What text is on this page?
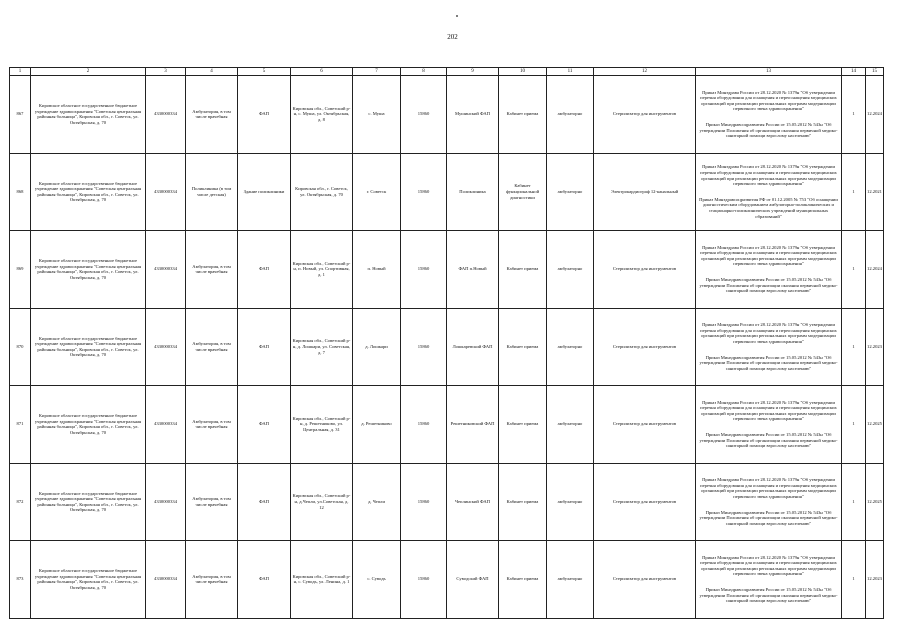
202
1	2	3	4	5	6	7	8	9	10	11	12	13	14	15
867	Кировское областное государственное бюджетное учреждение здравоохранения "Советская центральная районная больница", Кировская обл., г. Советск, ул. Октябрьская, д. 70	4330000334	Амбулатория, в том числе врачебная	ФАП	Кировская обл., Советский р-н, с. Муша, ул. Октябрьская, д. 8	с. Муша	15860	Мушинский ФАП	Кабинет приема	амбулаторно	Стерилизатор для инструментов	Приказ Минздрава России от 28.12.2020 № 1379н "Об утверждении перечня оборудования для оснащения и переоснащения медицинских организаций при реализации региональных программ модернизации первичного звена здравоохранения"
Приказ Минздравсоцразвития России от 15.05.2012 № 543н "Об утверждении Положения об организации оказания первичной медико-санитарной помощи взрослому населению"	1	12.2024
868	Кировское областное государственное бюджетное учреждение здравоохранения "Советская центральная районная больница", Кировская обл., г. Советск, ул. Октябрьская, д. 70	4330000334	Поликлиника (в том числе детская)	Здание поликлиники	Кировская обл., г. Советск, ул. Октябрьская, д. 70	г. Советск	15860	Поликлиника	Кабинет функциональной диагностики	амбулаторно	Электрокардиограф 12-канальный	Приказ Минздрава России от 28.12.2020 № 1379н "Об утверждении перечня оборудования для оснащения и переоснащения медицинских организаций при реализации региональных программ модернизации первичного звена здравоохранения"
Приказ Минздравсоцразвития РФ от 01.12.2005 № 753 "Об оснащении диагностическим оборудованием амбулаторно-поликлинических и стационарно-поликлинических учреждений муниципальных образований"	1	12.2021
869	Кировское областное государственное бюджетное учреждение здравоохранения "Советская центральная районная больница", Кировская обл., г. Советск, ул. Октябрьская, д. 70	4330000334	Амбулатория, в том числе врачебная	ФАП	Кировская обл., Советский р-н, п. Новый, ул. Спортивная, д. 1	п. Новый	15860	ФАП п.Новый	Кабинет приема	амбулаторно	Стерилизатор для инструментов	Приказ Минздрава России от 28.12.2020 № 1379н "Об утверждении перечня оборудования для оснащения и переоснащения медицинских организаций при реализации региональных программ модернизации первичного звена здравоохранения"
Приказ Минздравсоцразвития России от 15.05.2012 № 543н "Об утверждении Положения об организации оказания первичной медико-санитарной помощи взрослому населению"	1	12.2024
870	Кировское областное государственное бюджетное учреждение здравоохранения "Советская центральная районная больница", Кировская обл., г. Советск, ул. Октябрьская, д. 70	4330000334	Амбулатория, в том числе врачебная	ФАП	Кировская обл., Советский р-н, д. Лошкари, ул. Советская, д. 7	д. Лошкари	15860	Лошкаревский ФАП	Кабинет приема	амбулаторно	Стерилизатор для инструментов	Приказ Минздрава России от 28.12.2020 № 1379н "Об утверждении перечня оборудования для оснащения и переоснащения медицинских организаций при реализации региональных программ модернизации первичного звена здравоохранения"
Приказ Минздравсоцразвития России от 15.05.2012 № 543н "Об утверждении Положения об организации оказания первичной медико-санитарной помощи взрослому населению"	1	12.2023
871	Кировское областное государственное бюджетное учреждение здравоохранения "Советская центральная районная больница", Кировская обл., г. Советск, ул. Октябрьская, д. 70	4330000334	Амбулатория, в том числе врачебная	ФАП	Кировская обл., Советский р-н, д. Решетниково, ул. Центральная, д. 31	д. Решетниково	15860	Решетниковский ФАП	Кабинет приема	амбулаторно	Стерилизатор для инструментов	Приказ Минздрава России от 28.12.2020 № 1379н "Об утверждении перечня оборудования для оснащения и переоснащения медицинских организаций при реализации региональных программ модернизации первичного звена здравоохранения"
Приказ Минздравсоцразвития России от 15.05.2012 № 543н "Об утверждении Положения об организации оказания первичной медико-санитарной помощи взрослому населению"	1	12.2025
872	Кировское областное государственное бюджетное учреждение здравоохранения "Советская центральная районная больница", Кировская обл., г. Советск, ул. Октябрьская, д. 70	4330000334	Амбулатория, в том числе врачебная	ФАП	Кировская обл., Советский р-н, д.Чепли, ул.Советская, д. 12	д. Чепли	15860	Чеплинский ФАП	Кабинет приема	амбулаторно	Стерилизатор для инструментов	Приказ Минздрава России от 28.12.2020 № 1379н "Об утверждении перечня оборудования для оснащения и переоснащения медицинских организаций при реализации региональных программ модернизации первичного звена здравоохранения"
Приказ Минздравсоцразвития России от 15.05.2012 № 543н "Об утверждении Положения об организации оказания первичной медико-санитарной помощи взрослому населению"	1	12.2025
873	Кировское областное государственное бюджетное учреждение здравоохранения "Советская центральная районная больница", Кировская обл., г. Советск, ул. Октябрьская, д. 70	4330000334	Амбулатория, в том числе врачебная	ФАП	Кировская обл., Советский р-н, с. Суводь, ул. Ленина, д. 1	с. Суводь	15860	Суводский ФАП	Кабинет приема	амбулаторно	Стерилизатор для инструментов	Приказ Минздрава России от 28.12.2020 № 1379н "Об утверждении перечня оборудования для оснащения и переоснащения медицинских организаций при реализации региональных программ модернизации первичного звена здравоохранения"
Приказ Минздравсоцразвития России от 15.05.2012 № 543н "Об утверждении Положения об организации оказания первичной медико-санитарной помощи взрослому населению"	1	12.2023
